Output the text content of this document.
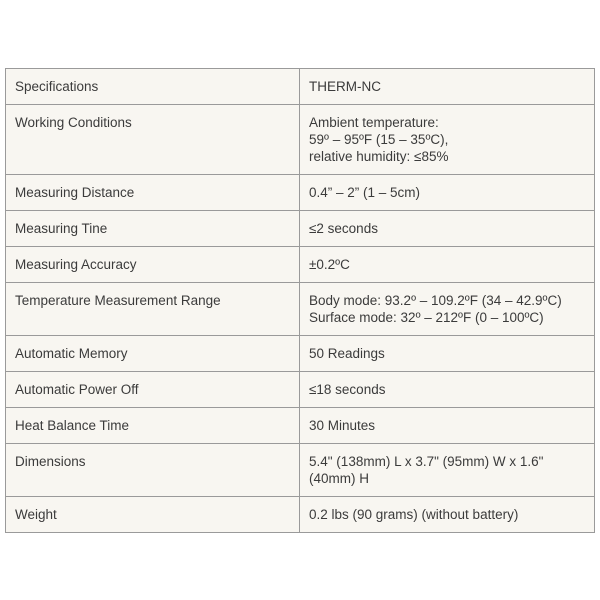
Specifications	THERM-NC

Working Conditions	Ambient temperature:
59º – 95ºF (15 – 35ºC),
relative humidity: ≤85%

Measuring Distance	0.4” – 2” (1 – 5cm)

Measuring Tine	≤2 seconds

Measuring Accuracy	±0.2ºC

Temperature Measurement Range	Body mode: 93.2º – 109.2ºF (34 – 42.9ºC)
Surface mode: 32º – 212ºF (0 – 100ºC)

Automatic Memory	50 Readings

Automatic Power Off	≤18 seconds

Heat Balance Time	30 Minutes

Dimensions	5.4" (138mm) L x 3.7" (95mm) W x 1.6" (40mm) H

Weight	0.2 lbs (90 grams) (without battery)
